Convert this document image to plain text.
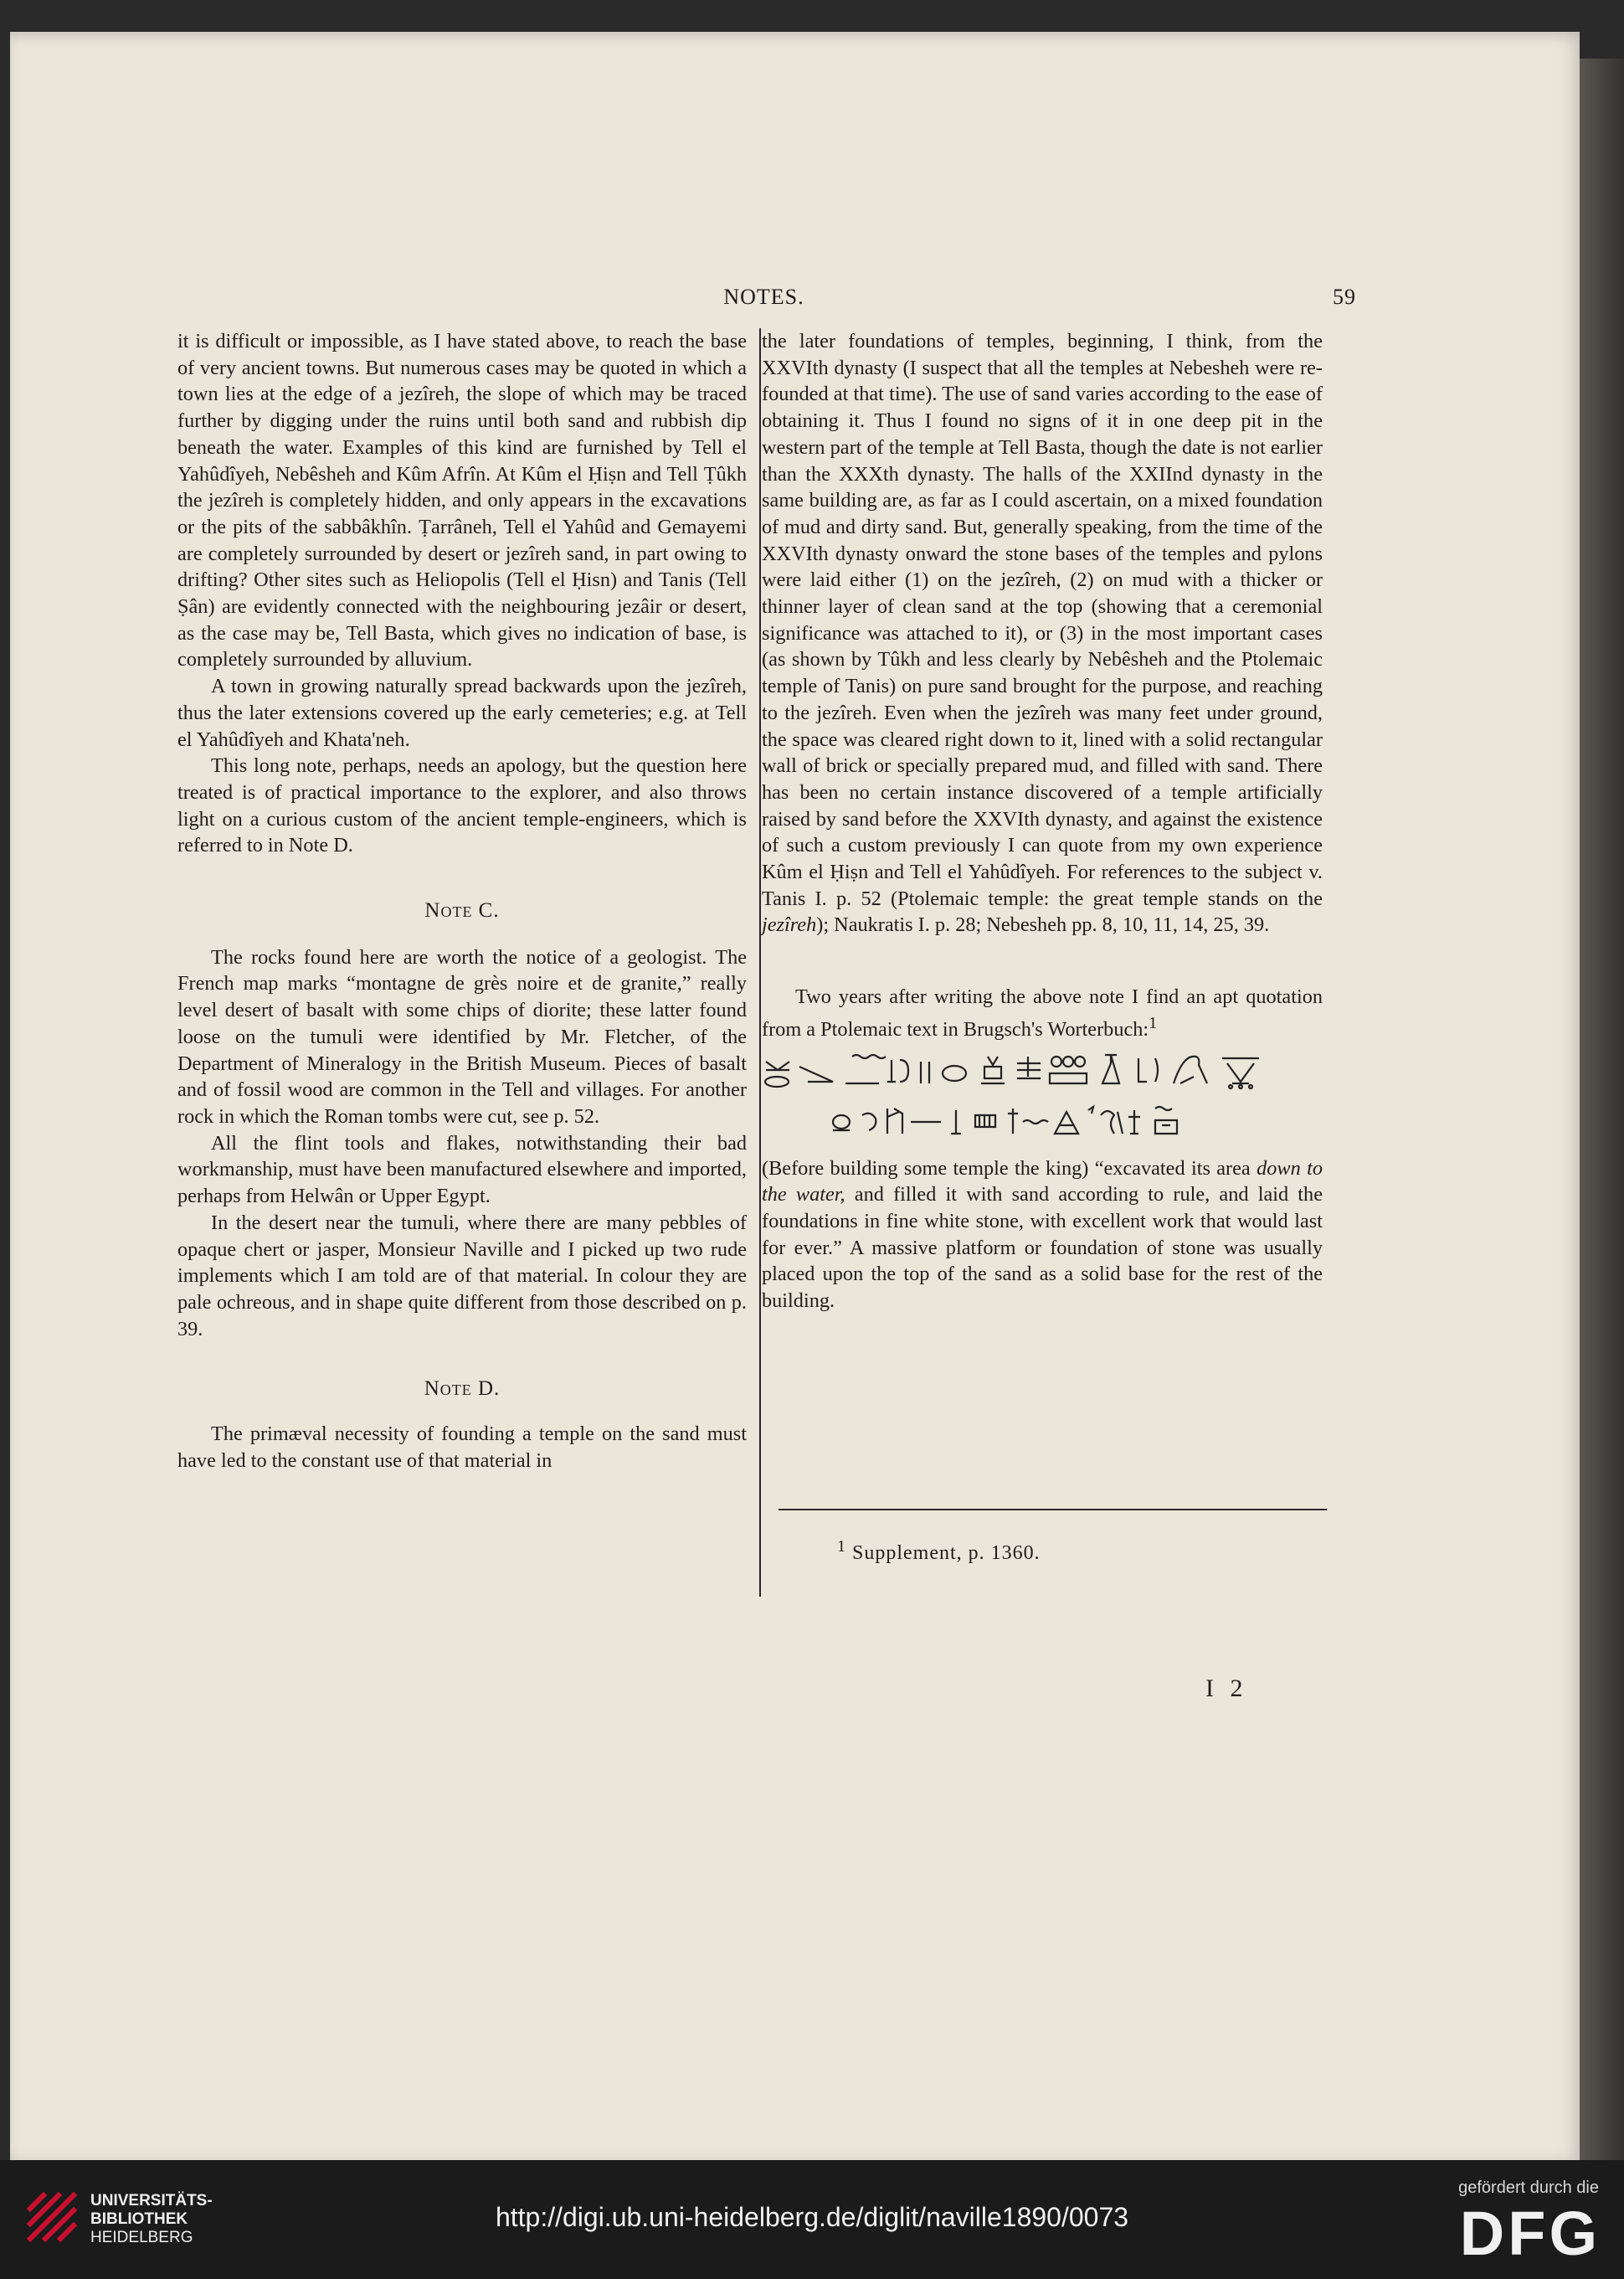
NOTES.	59

it is difficult or impossible, as I have stated above, to reach the base of very ancient towns. But numerous cases may be quoted in which a town lies at the edge of a jezîreh, the slope of which may be traced further by digging under the ruins until both sand and rubbish dip beneath the water. Examples of this kind are furnished by Tell el Yahûdîyeh, Nebêsheh and Kûm Afrîn. At Kûm el Ḥiṣn and Tell Ṭûkh the jezîreh is completely hidden, and only appears in the excavations or the pits of the sabbâkhîn. Ṭarrâneh, Tell el Yahûd and Gemayemi are completely surrounded by desert or jezîreh sand, in part owing to drifting? Other sites such as Heliopolis (Tell el Ḥisn) and Tanis (Tell Ṣân) are evidently connected with the neighbouring jezâir or desert, as the case may be, Tell Basta, which gives no indication of base, is completely surrounded by alluvium.

A town in growing naturally spread backwards upon the jezîreh, thus the later extensions covered up the early cemeteries; e.g. at Tell el Yahûdîyeh and Khata'neh.

This long note, perhaps, needs an apology, but the question here treated is of practical importance to the explorer, and also throws light on a curious custom of the ancient temple-engineers, which is referred to in Note D.

Note C.

The rocks found here are worth the notice of a geologist. The French map marks “montagne de grès noire et de granite,” really level desert of basalt with some chips of diorite; these latter found loose on the tumuli were identified by Mr. Fletcher, of the Department of Mineralogy in the British Museum. Pieces of basalt and of fossil wood are common in the Tell and villages. For another rock in which the Roman tombs were cut, see p. 52.

All the flint tools and flakes, notwithstanding their bad workmanship, must have been manufactured elsewhere and imported, perhaps from Helwân or Upper Egypt.

In the desert near the tumuli, where there are many pebbles of opaque chert or jasper, Monsieur Naville and I picked up two rude implements which I am told are of that material. In colour they are pale ochreous, and in shape quite different from those described on p. 39.

Note D.

The primæval necessity of founding a temple on the sand must have led to the constant use of that material in

the later foundations of temples, beginning, I think, from the XXVIth dynasty (I suspect that all the temples at Nebesheh were re-founded at that time). The use of sand varies according to the ease of obtaining it. Thus I found no signs of it in one deep pit in the western part of the temple at Tell Basta, though the date is not earlier than the XXXth dynasty. The halls of the XXIInd dynasty in the same building are, as far as I could ascertain, on a mixed foundation of mud and dirty sand. But, generally speaking, from the time of the XXVIth dynasty onward the stone bases of the temples and pylons were laid either (1) on the jezîreh, (2) on mud with a thicker or thinner layer of clean sand at the top (showing that a ceremonial significance was attached to it), or (3) in the most important cases (as shown by Tûkh and less clearly by Nebêsheh and the Ptolemaic temple of Tanis) on pure sand brought for the purpose, and reaching to the jezîreh. Even when the jezîreh was many feet under ground, the space was cleared right down to it, lined with a solid rectangular wall of brick or specially prepared mud, and filled with sand. There has been no certain instance discovered of a temple artificially raised by sand before the XXVIth dynasty, and against the existence of such a custom previously I can quote from my own experience Kûm el Ḥiṣn and Tell el Yahûdîyeh. For references to the subject v. Tanis I. p. 52 (Ptolemaic temple: the great temple stands on the jezîreh); Naukratis I. p. 28; Nebesheh pp. 8, 10, 11, 14, 25, 39.

Two years after writing the above note I find an apt quotation from a Ptolemaic text in Brugsch's Worterbuch:$^1$

(Before building some temple the king) “excavated its area down to the water, and filled it with sand according to rule, and laid the foundations in fine white stone, with excellent work that would last for ever.” A massive platform or foundation of stone was usually placed upon the top of the sand as a solid base for the rest of the building.

$^1$ Supplement, p. 1360.
I 2
UNIVERSITÄTS-
BIBLIOTHEK
HEIDELBERG
http://digi.ub.uni-heidelberg.de/diglit/naville1890/0073
gefördert durch die
DFG
